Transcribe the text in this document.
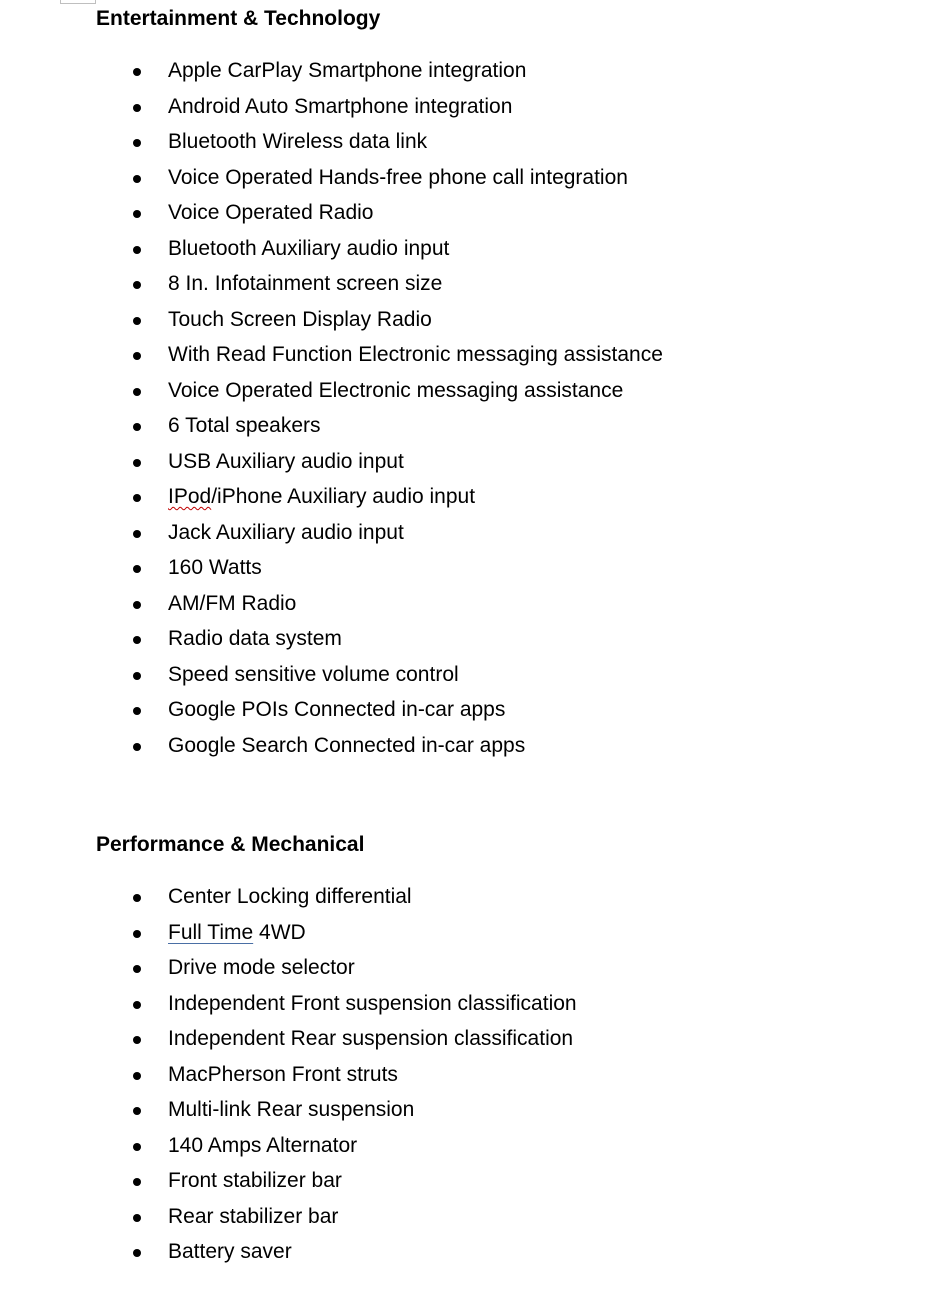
Entertainment & Technology
Apple CarPlay Smartphone integration
Android Auto Smartphone integration
Bluetooth Wireless data link
Voice Operated Hands-free phone call integration
Voice Operated Radio
Bluetooth Auxiliary audio input
8 In. Infotainment screen size
Touch Screen Display Radio
With Read Function Electronic messaging assistance
Voice Operated Electronic messaging assistance
6 Total speakers
USB Auxiliary audio input
IPod/iPhone Auxiliary audio input
Jack Auxiliary audio input
160 Watts
AM/FM Radio
Radio data system
Speed sensitive volume control
Google POIs Connected in-car apps
Google Search Connected in-car apps
Performance & Mechanical
Center Locking differential
Full Time 4WD
Drive mode selector
Independent Front suspension classification
Independent Rear suspension classification
MacPherson Front struts
Multi-link Rear suspension
140 Amps Alternator
Front stabilizer bar
Rear stabilizer bar
Battery saver
